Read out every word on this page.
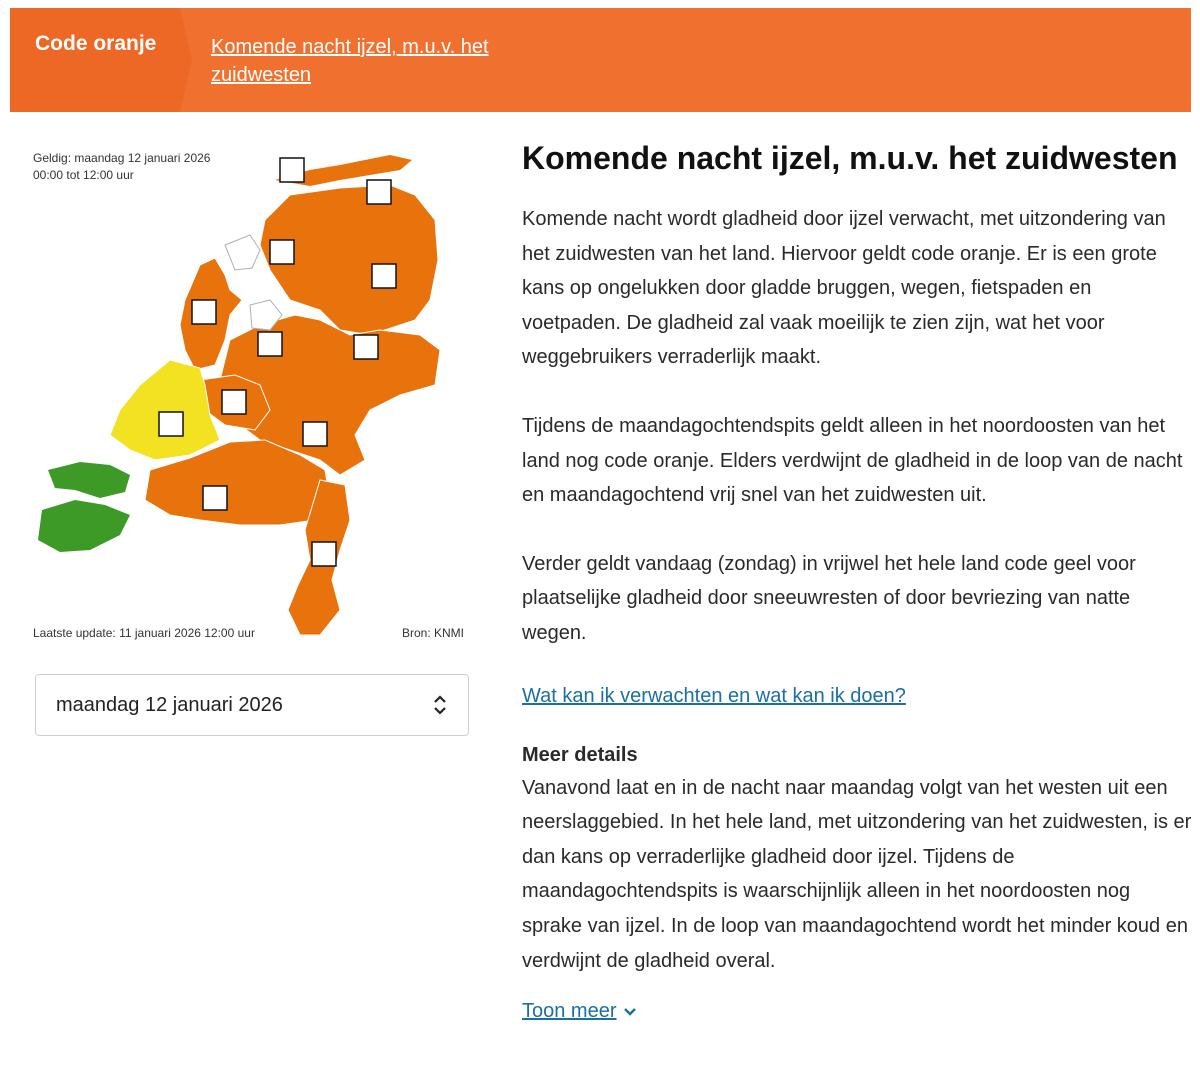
Code oranje	Komende nacht ijzel, m.u.v. het zuidwesten
Geldig: maandag 12 januari 2026
00:00 tot 12:00 uur
Laatste update: 11 januari 2026 12:00 uur	Bron: KNMI
maandag 12 januari 2026
Komende nacht ijzel, m.u.v. het zuidwesten

Komende nacht wordt gladheid door ijzel verwacht, met uitzondering van het zuidwesten van het land. Hiervoor geldt code oranje. Er is een grote kans op ongelukken door gladde bruggen, wegen, fietspaden en voetpaden. De gladheid zal vaak moeilijk te zien zijn, wat het voor weggebruikers verraderlijk maakt.

Tijdens de maandagochtendspits geldt alleen in het noordoosten van het land nog code oranje. Elders verdwijnt de gladheid in de loop van de nacht en maandagochtend vrij snel van het zuidwesten uit.

Verder geldt vandaag (zondag) in vrijwel het hele land code geel voor plaatselijke gladheid door sneeuwresten of door bevriezing van natte wegen.

Wat kan ik verwachten en wat kan ik doen?
Meer details

Vanavond laat en in de nacht naar maandag volgt van het westen uit een neerslaggebied. In het hele land, met uitzondering van het zuidwesten, is er dan kans op verraderlijke gladheid door ijzel. Tijdens de maandagochtendspits is waarschijnlijk alleen in het noordoosten nog sprake van ijzel. In de loop van maandagochtend wordt het minder koud en verdwijnt de gladheid overal.

Toon meer
